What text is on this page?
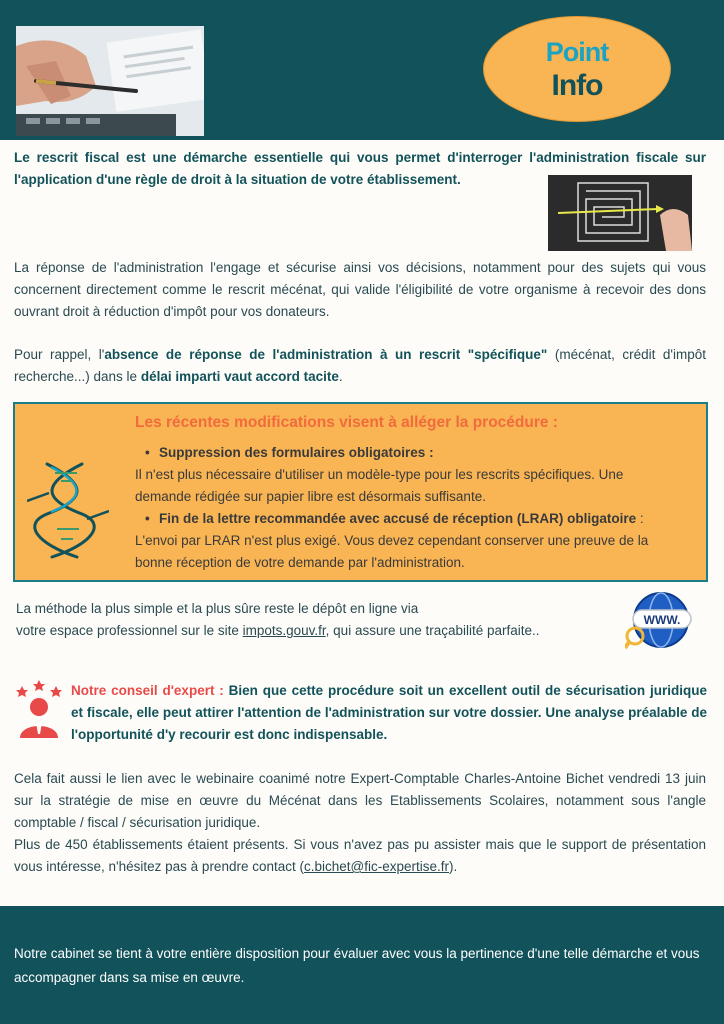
Point
Info

Le rescrit fiscal est une démarche essentielle qui vous permet d'interroger l'administration fiscale sur l'application d'une règle de droit à la situation de votre établissement.

La réponse de l'administration l'engage et sécurise ainsi vos décisions, notamment pour des sujets qui vous concernent directement comme le rescrit mécénat, qui valide l'éligibilité de votre organisme à recevoir des dons ouvrant droit à réduction d'impôt pour vos donateurs.

Pour rappel, l'absence de réponse de l'administration à un rescrit "spécifique" (mécénat, crédit d'impôt recherche...) dans le délai imparti vaut accord tacite.

Les récentes modifications visent à alléger la procédure :
• Suppression des formulaires obligatoires :
Il n'est plus nécessaire d'utiliser un modèle-type pour les rescrits spécifiques. Une demande rédigée sur papier libre est désormais suffisante.
• Fin de la lettre recommandée avec accusé de réception (LRAR) obligatoire :
L'envoi par LRAR n'est plus exigé. Vous devez cependant conserver une preuve de la bonne réception de votre demande par l'administration.
La méthode la plus simple et la plus sûre reste le dépôt en ligne via
votre espace professionnel sur le site impots.gouv.fr, qui assure une traçabilité parfaite..
WWW.

Notre conseil d'expert : Bien que cette procédure soit un excellent outil de sécurisation juridique et fiscale, elle peut attirer l'attention de l'administration sur votre dossier. Une analyse préalable de l'opportunité d'y recourir est donc indispensable.

Cela fait aussi le lien avec le webinaire coanimé notre Expert-Comptable Charles-Antoine Bichet vendredi 13 juin sur la stratégie de mise en œuvre du Mécénat dans les Etablissements Scolaires, notamment sous l'angle comptable / fiscal / sécurisation juridique.
Plus de 450 établissements étaient présents. Si vous n'avez pas pu assister mais que le support de présentation vous intéresse, n'hésitez pas à prendre contact (c.bichet@fic-expertise.fr).

Notre cabinet se tient à votre entière disposition pour évaluer avec vous la pertinence d'une telle démarche et vous accompagner dans sa mise en œuvre.
